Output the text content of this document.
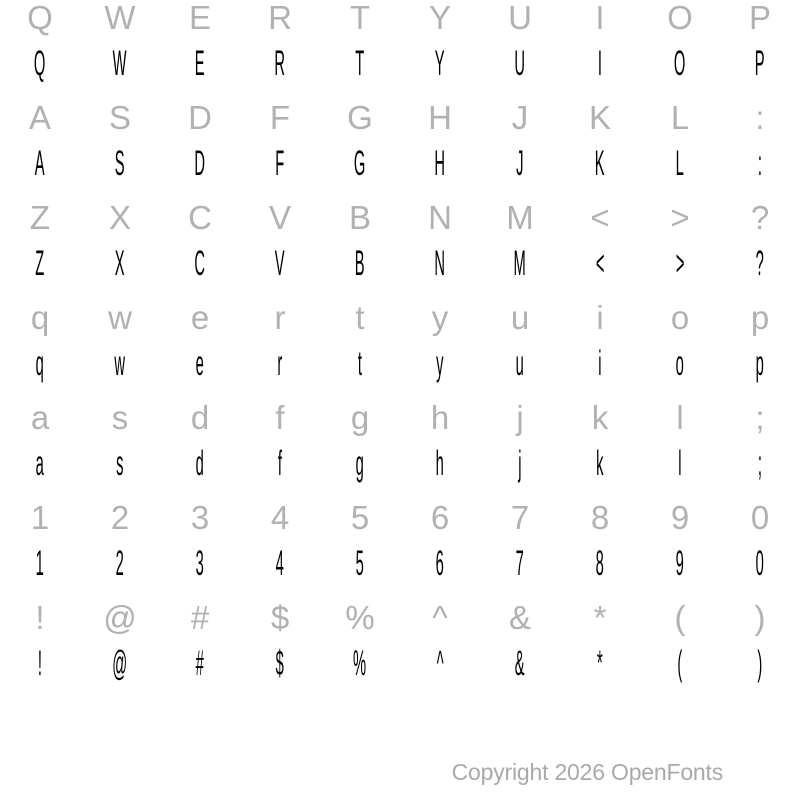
! @ # $ % ^ & * ( )
! @ # $ % ^ & * ( )
1 2 3 4 5 6 7 8 9 0
1 2 3 4 5 6 7 8 9 0
a s d f g h j k l ;
a s d f g h j k l ;
q w e r t y u i o p
q w e r t y u i o p
Z X C V B N M < > ?
Z X C V B N M < > ?
A S D F G H J K L :
A S D F G H J K L :
Q W E R T Y U I O P
Q W E R T Y U I O P
Copyright 2026 OpenFonts
